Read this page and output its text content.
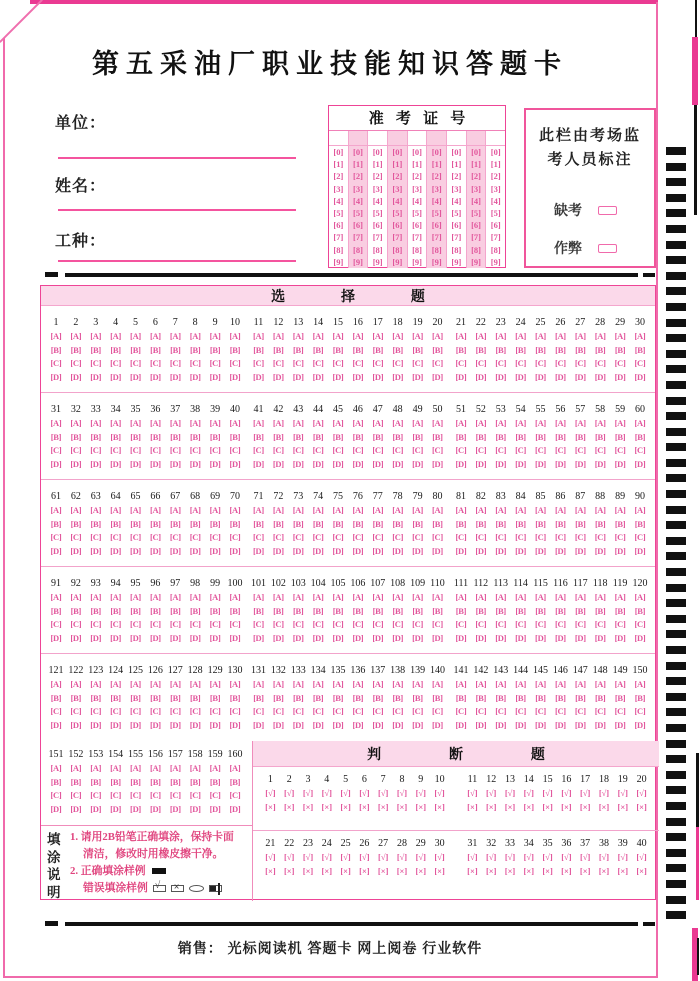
第五采油厂职业技能知识答题卡
单位：
姓名：
工种：
准 考 证 号
[0]
[1]
[2]
[3]
[4]
[5]
[6]
[7]
[8]
[9]
[0]
[1]
[2]
[3]
[4]
[5]
[6]
[7]
[8]
[9]
[0]
[1]
[2]
[3]
[4]
[5]
[6]
[7]
[8]
[9]
[0]
[1]
[2]
[3]
[4]
[5]
[6]
[7]
[8]
[9]
[0]
[1]
[2]
[3]
[4]
[5]
[6]
[7]
[8]
[9]
[0]
[1]
[2]
[3]
[4]
[5]
[6]
[7]
[8]
[9]
[0]
[1]
[2]
[3]
[4]
[5]
[6]
[7]
[8]
[9]
[0]
[1]
[2]
[3]
[4]
[5]
[6]
[7]
[8]
[9]
[0]
[1]
[2]
[3]
[4]
[5]
[6]
[7]
[8]
[9]
此栏由考场监
考人员标注
缺考
作弊
选 择 题
1
[A]
[B]
[C]
[D]
2
[A]
[B]
[C]
[D]
3
[A]
[B]
[C]
[D]
4
[A]
[B]
[C]
[D]
5
[A]
[B]
[C]
[D]
6
[A]
[B]
[C]
[D]
7
[A]
[B]
[C]
[D]
8
[A]
[B]
[C]
[D]
9
[A]
[B]
[C]
[D]
10
[A]
[B]
[C]
[D]
11
[A]
[B]
[C]
[D]
12
[A]
[B]
[C]
[D]
13
[A]
[B]
[C]
[D]
14
[A]
[B]
[C]
[D]
15
[A]
[B]
[C]
[D]
16
[A]
[B]
[C]
[D]
17
[A]
[B]
[C]
[D]
18
[A]
[B]
[C]
[D]
19
[A]
[B]
[C]
[D]
20
[A]
[B]
[C]
[D]
21
[A]
[B]
[C]
[D]
22
[A]
[B]
[C]
[D]
23
[A]
[B]
[C]
[D]
24
[A]
[B]
[C]
[D]
25
[A]
[B]
[C]
[D]
26
[A]
[B]
[C]
[D]
27
[A]
[B]
[C]
[D]
28
[A]
[B]
[C]
[D]
29
[A]
[B]
[C]
[D]
30
[A]
[B]
[C]
[D]
31
[A]
[B]
[C]
[D]
32
[A]
[B]
[C]
[D]
33
[A]
[B]
[C]
[D]
34
[A]
[B]
[C]
[D]
35
[A]
[B]
[C]
[D]
36
[A]
[B]
[C]
[D]
37
[A]
[B]
[C]
[D]
38
[A]
[B]
[C]
[D]
39
[A]
[B]
[C]
[D]
40
[A]
[B]
[C]
[D]
41
[A]
[B]
[C]
[D]
42
[A]
[B]
[C]
[D]
43
[A]
[B]
[C]
[D]
44
[A]
[B]
[C]
[D]
45
[A]
[B]
[C]
[D]
46
[A]
[B]
[C]
[D]
47
[A]
[B]
[C]
[D]
48
[A]
[B]
[C]
[D]
49
[A]
[B]
[C]
[D]
50
[A]
[B]
[C]
[D]
51
[A]
[B]
[C]
[D]
52
[A]
[B]
[C]
[D]
53
[A]
[B]
[C]
[D]
54
[A]
[B]
[C]
[D]
55
[A]
[B]
[C]
[D]
56
[A]
[B]
[C]
[D]
57
[A]
[B]
[C]
[D]
58
[A]
[B]
[C]
[D]
59
[A]
[B]
[C]
[D]
60
[A]
[B]
[C]
[D]
61
[A]
[B]
[C]
[D]
62
[A]
[B]
[C]
[D]
63
[A]
[B]
[C]
[D]
64
[A]
[B]
[C]
[D]
65
[A]
[B]
[C]
[D]
66
[A]
[B]
[C]
[D]
67
[A]
[B]
[C]
[D]
68
[A]
[B]
[C]
[D]
69
[A]
[B]
[C]
[D]
70
[A]
[B]
[C]
[D]
71
[A]
[B]
[C]
[D]
72
[A]
[B]
[C]
[D]
73
[A]
[B]
[C]
[D]
74
[A]
[B]
[C]
[D]
75
[A]
[B]
[C]
[D]
76
[A]
[B]
[C]
[D]
77
[A]
[B]
[C]
[D]
78
[A]
[B]
[C]
[D]
79
[A]
[B]
[C]
[D]
80
[A]
[B]
[C]
[D]
81
[A]
[B]
[C]
[D]
82
[A]
[B]
[C]
[D]
83
[A]
[B]
[C]
[D]
84
[A]
[B]
[C]
[D]
85
[A]
[B]
[C]
[D]
86
[A]
[B]
[C]
[D]
87
[A]
[B]
[C]
[D]
88
[A]
[B]
[C]
[D]
89
[A]
[B]
[C]
[D]
90
[A]
[B]
[C]
[D]
91
[A]
[B]
[C]
[D]
92
[A]
[B]
[C]
[D]
93
[A]
[B]
[C]
[D]
94
[A]
[B]
[C]
[D]
95
[A]
[B]
[C]
[D]
96
[A]
[B]
[C]
[D]
97
[A]
[B]
[C]
[D]
98
[A]
[B]
[C]
[D]
99
[A]
[B]
[C]
[D]
100
[A]
[B]
[C]
[D]
101
[A]
[B]
[C]
[D]
102
[A]
[B]
[C]
[D]
103
[A]
[B]
[C]
[D]
104
[A]
[B]
[C]
[D]
105
[A]
[B]
[C]
[D]
106
[A]
[B]
[C]
[D]
107
[A]
[B]
[C]
[D]
108
[A]
[B]
[C]
[D]
109
[A]
[B]
[C]
[D]
110
[A]
[B]
[C]
[D]
111
[A]
[B]
[C]
[D]
112
[A]
[B]
[C]
[D]
113
[A]
[B]
[C]
[D]
114
[A]
[B]
[C]
[D]
115
[A]
[B]
[C]
[D]
116
[A]
[B]
[C]
[D]
117
[A]
[B]
[C]
[D]
118
[A]
[B]
[C]
[D]
119
[A]
[B]
[C]
[D]
120
[A]
[B]
[C]
[D]
121
[A]
[B]
[C]
[D]
122
[A]
[B]
[C]
[D]
123
[A]
[B]
[C]
[D]
124
[A]
[B]
[C]
[D]
125
[A]
[B]
[C]
[D]
126
[A]
[B]
[C]
[D]
127
[A]
[B]
[C]
[D]
128
[A]
[B]
[C]
[D]
129
[A]
[B]
[C]
[D]
130
[A]
[B]
[C]
[D]
131
[A]
[B]
[C]
[D]
132
[A]
[B]
[C]
[D]
133
[A]
[B]
[C]
[D]
134
[A]
[B]
[C]
[D]
135
[A]
[B]
[C]
[D]
136
[A]
[B]
[C]
[D]
137
[A]
[B]
[C]
[D]
138
[A]
[B]
[C]
[D]
139
[A]
[B]
[C]
[D]
140
[A]
[B]
[C]
[D]
141
[A]
[B]
[C]
[D]
142
[A]
[B]
[C]
[D]
143
[A]
[B]
[C]
[D]
144
[A]
[B]
[C]
[D]
145
[A]
[B]
[C]
[D]
146
[A]
[B]
[C]
[D]
147
[A]
[B]
[C]
[D]
148
[A]
[B]
[C]
[D]
149
[A]
[B]
[C]
[D]
150
[A]
[B]
[C]
[D]
151
[A]
[B]
[C]
[D]
152
[A]
[B]
[C]
[D]
153
[A]
[B]
[C]
[D]
154
[A]
[B]
[C]
[D]
155
[A]
[B]
[C]
[D]
156
[A]
[B]
[C]
[D]
157
[A]
[B]
[C]
[D]
158
[A]
[B]
[C]
[D]
159
[A]
[B]
[C]
[D]
160
[A]
[B]
[C]
[D]
填涂说明
1. 请用2B铅笔正确填涂，保持卡面
清洁，修改时用橡皮擦干净。
2. 正确填涂样例
错误填涂样例 √ ×
判 断 题
1
[√]
[×]
2
[√]
[×]
3
[√]
[×]
4
[√]
[×]
5
[√]
[×]
6
[√]
[×]
7
[√]
[×]
8
[√]
[×]
9
[√]
[×]
10
[√]
[×]
11
[√]
[×]
12
[√]
[×]
13
[√]
[×]
14
[√]
[×]
15
[√]
[×]
16
[√]
[×]
17
[√]
[×]
18
[√]
[×]
19
[√]
[×]
20
[√]
[×]
21
[√]
[×]
22
[√]
[×]
23
[√]
[×]
24
[√]
[×]
25
[√]
[×]
26
[√]
[×]
27
[√]
[×]
28
[√]
[×]
29
[√]
[×]
30
[√]
[×]
31
[√]
[×]
32
[√]
[×]
33
[√]
[×]
34
[√]
[×]
35
[√]
[×]
36
[√]
[×]
37
[√]
[×]
38
[√]
[×]
39
[√]
[×]
40
[√]
[×]
销售： 光标阅读机 答题卡 网上阅卷 行业软件
